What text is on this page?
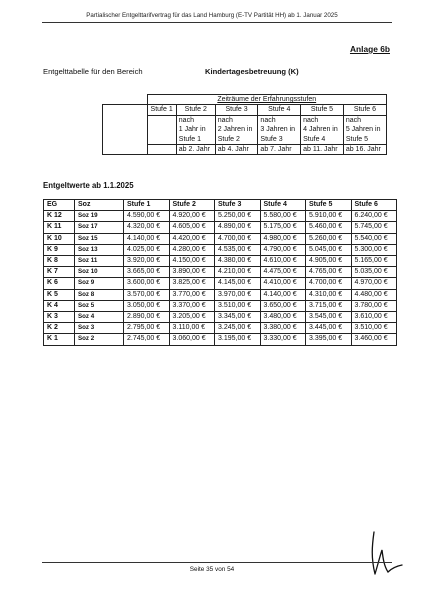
Partialischer Entgelttarifvertrag für das Land Hamburg (E-TV Partität HH) ab 1. Januar 2025
Anlage 6b
Entgelttabelle für den Bereich	Kindertagesbetreuung (K)
	Zeiträume der Erfahrungsstufen					
	Stufe 1	Stufe 2	Stufe 3	Stufe 4	Stufe 5	Stufe 6
		nach	nach	nach	nach	nach
		1 Jahr in	2 Jahren in	3 Jahren in	4 Jahren in	5 Jahren in
		Stufe 1	Stufe 2	Stufe 3	Stufe 4	Stufe 5
		ab 2. Jahr	ab 4. Jahr	ab 7. Jahr	ab 11. Jahr	ab 16. Jahr
Entgeltwerte ab 1.1.2025
EG	Soz	Stufe 1	Stufe 2	Stufe 3	Stufe 4	Stufe 5	Stufe 6
K 12	Soz 19	4.590,00 €	4.920,00 €	5.250,00 €	5.580,00 €	5.910,00 €	6.240,00 €
K 11	Soz 17	4.320,00 €	4.605,00 €	4.890,00 €	5.175,00 €	5.460,00 €	5.745,00 €
K 10	Soz 15	4.140,00 €	4.420,00 €	4.700,00 €	4.980,00 €	5.260,00 €	5.540,00 €
K 9	Soz 13	4.025,00 €	4.280,00 €	4.535,00 €	4.790,00 €	5.045,00 €	5.300,00 €
K 8	Soz 11	3.920,00 €	4.150,00 €	4.380,00 €	4.610,00 €	4.905,00 €	5.165,00 €
K 7	Soz 10	3.665,00 €	3.890,00 €	4.210,00 €	4.475,00 €	4.765,00 €	5.035,00 €
K 6	Soz 9	3.600,00 €	3.825,00 €	4.145,00 €	4.410,00 €	4.700,00 €	4.970,00 €
K 5	Soz 8	3.570,00 €	3.770,00 €	3.970,00 €	4.140,00 €	4.310,00 €	4.480,00 €
K 4	Soz 5	3.050,00 €	3.370,00 €	3.510,00 €	3.650,00 €	3.715,00 €	3.780,00 €
K 3	Soz 4	2.890,00 €	3.205,00 €	3.345,00 €	3.480,00 €	3.545,00 €	3.610,00 €
K 2	Soz 3	2.795,00 €	3.110,00 €	3.245,00 €	3.380,00 €	3.445,00 €	3.510,00 €
K 1	Soz 2	2.745,00 €	3.060,00 €	3.195,00 €	3.330,00 €	3.395,00 €	3.460,00 €
Seite 35 von 54
